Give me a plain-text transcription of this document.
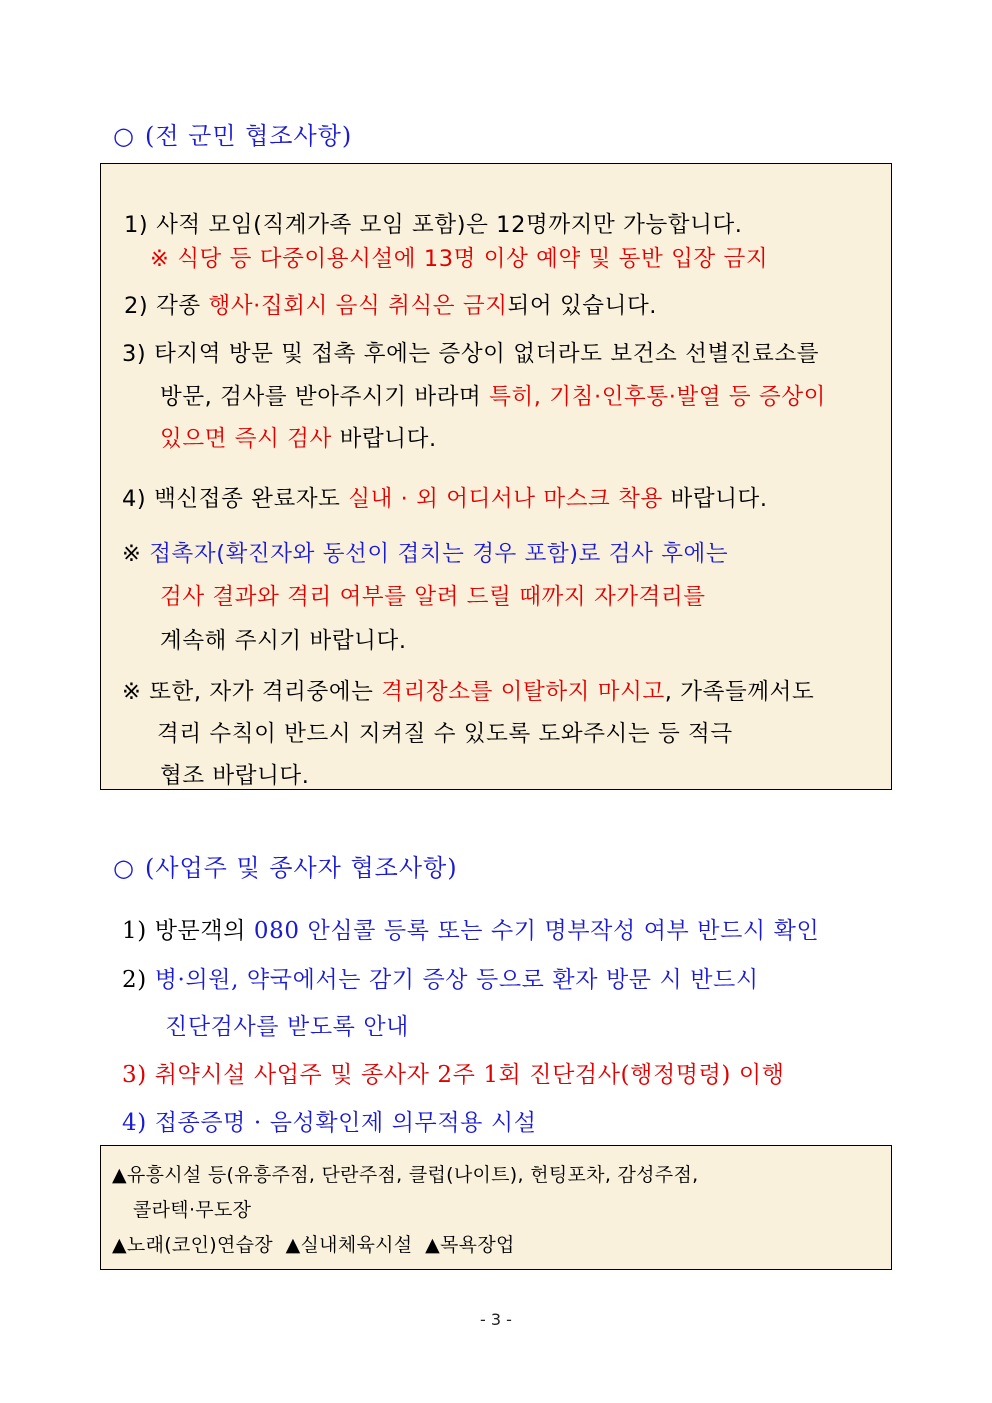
○ (전 군민 협조사항)
1) 사적 모임(직계가족 모임 포함)은 12명까지만 가능합니다.
※ 식당 등 다중이용시설에 13명 이상 예약 및 동반 입장 금지
2) 각종 행사·집회시 음식 취식은 금지되어 있습니다.
3) 타지역 방문 및 접촉 후에는 증상이 없더라도 보건소 선별진료소를
방문, 검사를 받아주시기 바라며 특히, 기침·인후통·발열 등 증상이
있으면 즉시 검사 바랍니다.
4) 백신접종 완료자도 실내 · 외 어디서나 마스크 착용 바랍니다.
※ 접촉자(확진자와 동선이 겹치는 경우 포함)로 검사 후에는
검사 결과와 격리 여부를 알려 드릴 때까지 자가격리를
계속해 주시기 바랍니다.
※ 또한, 자가 격리중에는 격리장소를 이탈하지 마시고, 가족들께서도
격리 수칙이 반드시 지켜질 수 있도록 도와주시는 등 적극
협조 바랍니다.
○ (사업주 및 종사자 협조사항)
1) 방문객의 080 안심콜 등록 또는 수기 명부작성 여부 반드시 확인
2) 병·의원, 약국에서는 감기 증상 등으로 환자 방문 시 반드시
진단검사를 받도록 안내
3) 취약시설 사업주 및 종사자 2주 1회 진단검사(행정명령) 이행
4) 접종증명 · 음성확인제 의무적용 시설
▲유흥시설 등(유흥주점, 단란주점, 클럽(나이트), 헌팅포차, 감성주점,
콜라텍·무도장
▲노래(코인)연습장  ▲실내체육시설  ▲목욕장업
- 3 -
